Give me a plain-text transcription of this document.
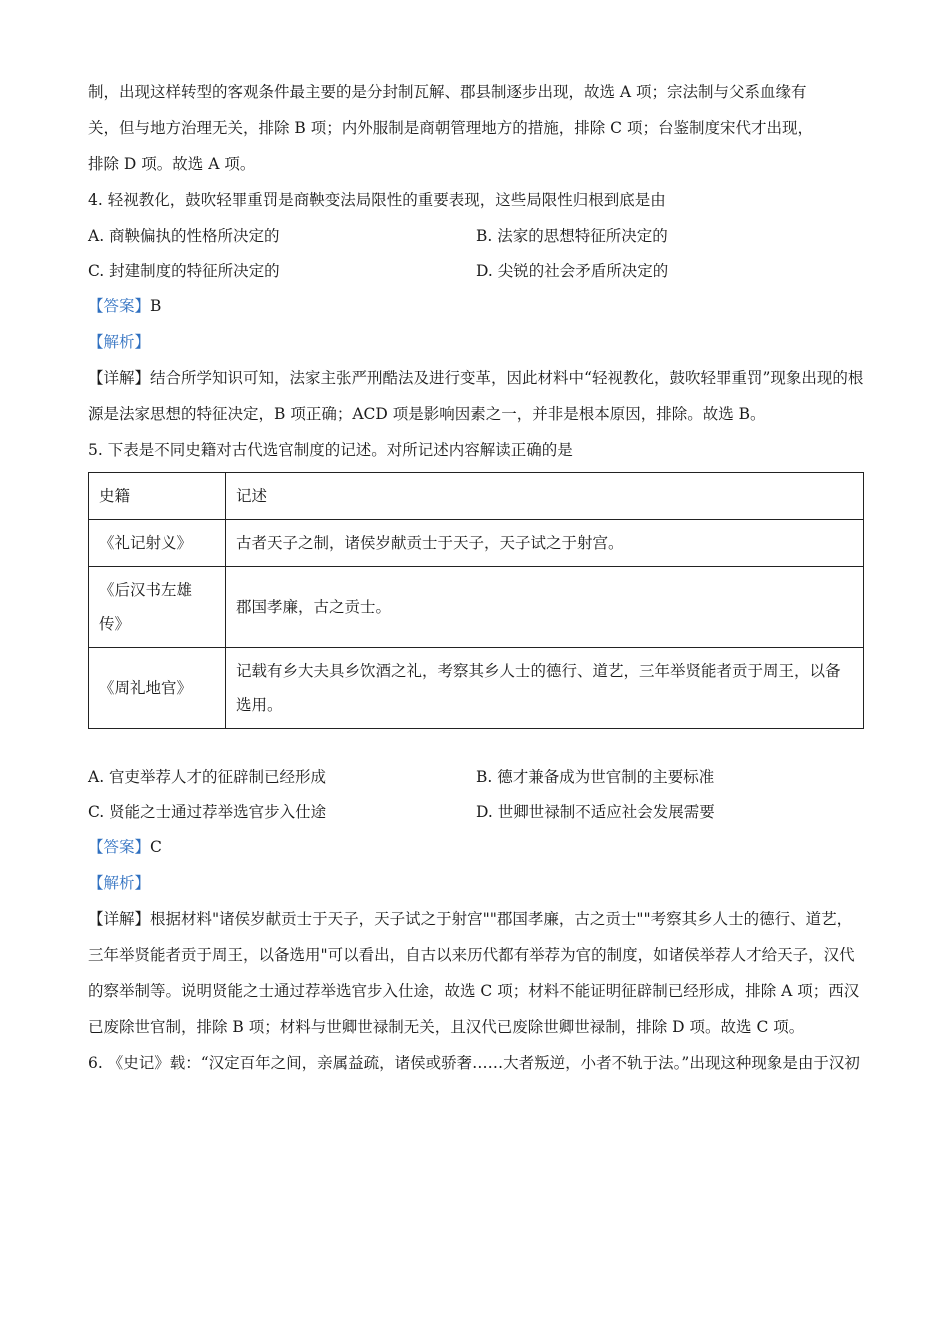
制，出现这样转型的客观条件最主要的是分封制瓦解、郡县制逐步出现，故选 A 项；宗法制与父系血缘有
关，但与地方治理无关，排除 B 项；内外服制是商朝管理地方的措施，排除 C 项；台鉴制度宋代才出现，
排除 D 项。故选 A 项。
4. 轻视教化，鼓吹轻罪重罚是商鞅变法局限性的重要表现，这些局限性归根到底是由
A. 商鞅偏执的性格所决定的	B. 法家的思想特征所决定的
C. 封建制度的特征所决定的	D. 尖锐的社会矛盾所决定的
【答案】B
【解析】
【详解】结合所学知识可知，法家主张严刑酷法及进行变革，因此材料中“轻视教化，鼓吹轻罪重罚”现象出现的根源是法家思想的特征决定，B 项正确；ACD 项是影响因素之一，并非是根本原因，排除。故选 B。
5. 下表是不同史籍对古代选官制度的记述。对所记述内容解读正确的是
史籍	记述
《礼记射义》	古者天子之制，诸侯岁献贡士于天子，天子试之于射宫。
《后汉书左雄传》	郡国孝廉，古之贡士。
《周礼地官》	记载有乡大夫具乡饮酒之礼，考察其乡人士的德行、道艺，三年举贤能者贡于周王，以备选用。
A. 官吏举荐人才的征辟制已经形成	B. 德才兼备成为世官制的主要标准
C. 贤能之士通过荐举选官步入仕途	D. 世卿世禄制不适应社会发展需要
【答案】C
【解析】
【详解】根据材料"诸侯岁献贡士于天子，天子试之于射宫""郡国孝廉，古之贡士""考察其乡人士的德行、道艺，三年举贤能者贡于周王，以备选用"可以看出，自古以来历代都有举荐为官的制度，如诸侯举荐人才给天子，汉代的察举制等。说明贤能之士通过荐举选官步入仕途，故选 C 项；材料不能证明征辟制已经形成，排除 A 项；西汉已废除世官制，排除 B 项；材料与世卿世禄制无关，且汉代已废除世卿世禄制，排除 D 项。故选 C 项。
6. 《史记》载：“汉定百年之间，亲属益疏，诸侯或骄奢……大者叛逆，小者不轨于法。”出现这种现象是由于汉初
